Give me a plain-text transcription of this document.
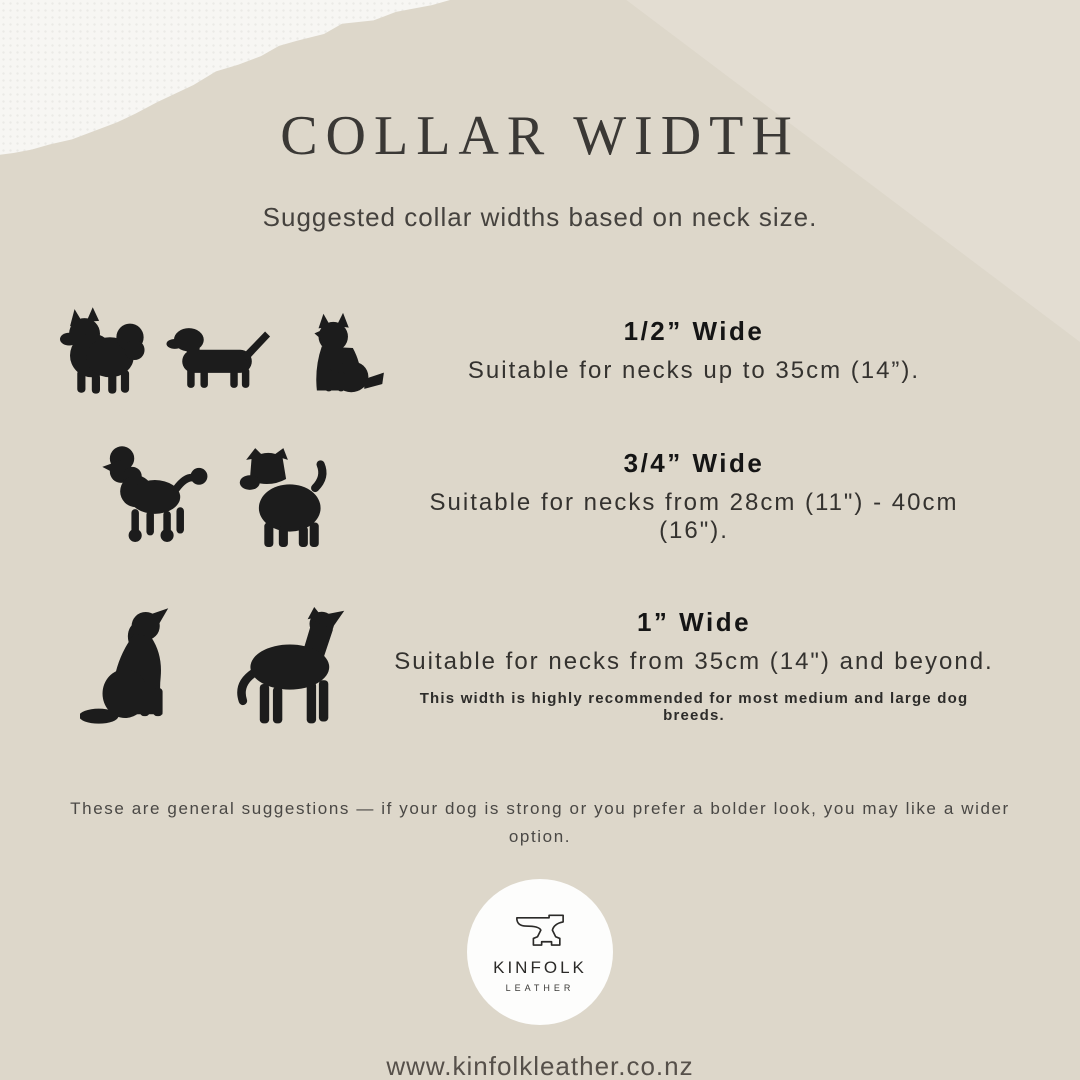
COLLAR WIDTH

Suggested collar widths based on neck size.

1/2” Wide

Suitable for necks up to 35cm (14”).

3/4” Wide

Suitable for necks from 28cm (11") - 40cm (16").

1” Wide

Suitable for necks from 35cm (14") and beyond.

This width is highly recommended for most medium and large dog breeds.

These are general suggestions — if your dog is strong or you prefer a bolder look, you may like a wider option.

KINFOLK
LEATHER

www.kinfolkleather.co.nz
